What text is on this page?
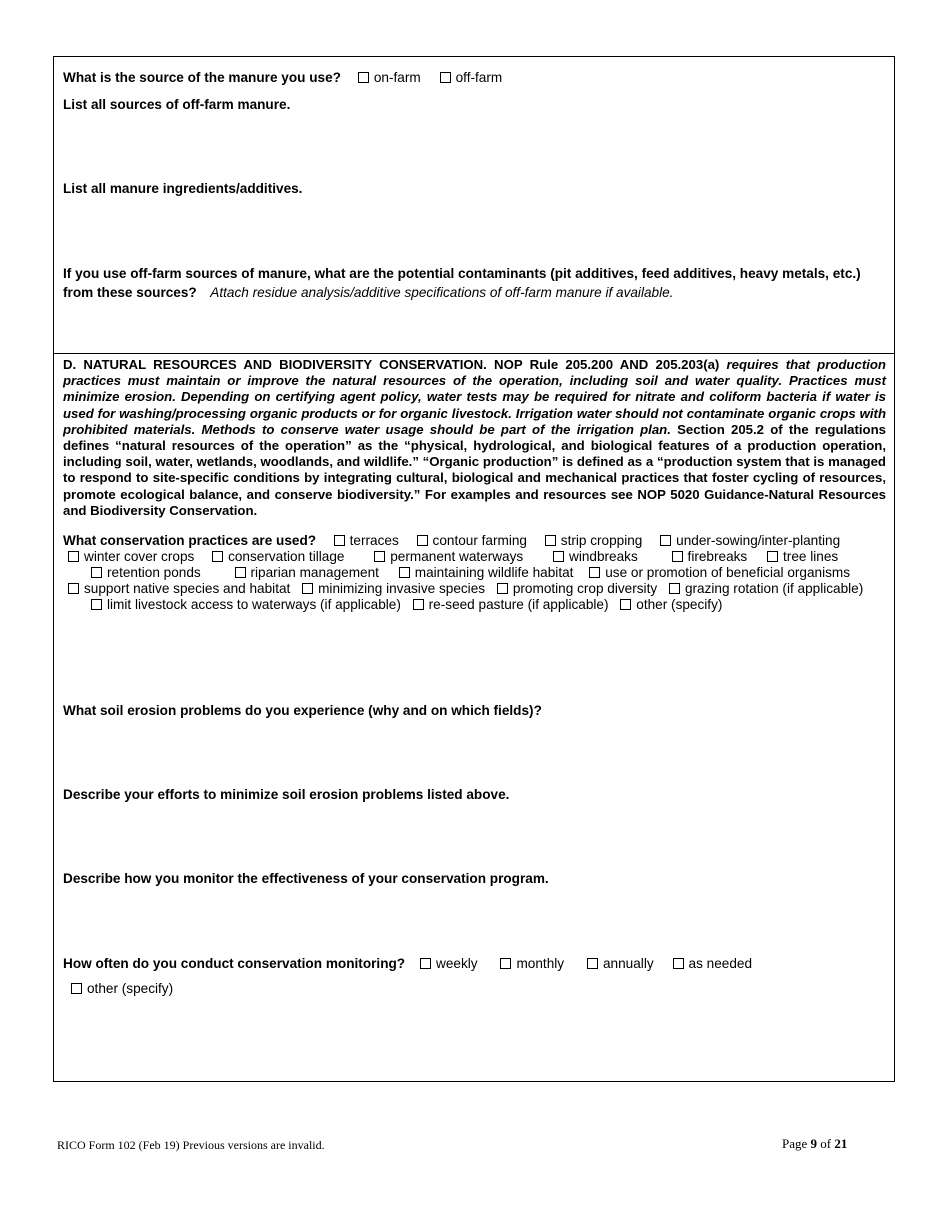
What is the source of the manure you use? on-farm	off-farm
List all sources of off-farm manure.
List all manure ingredients/additives.
If you use off-farm sources of manure, what are the potential contaminants (pit additives, feed additives, heavy metals, etc.) from these sources? Attach residue analysis/additive specifications of off-farm manure if available.
D. NATURAL RESOURCES AND BIODIVERSITY CONSERVATION. NOP Rule 205.200 AND 205.203(a) requires that production practices must maintain or improve the natural resources of the operation, including soil and water quality. Practices must minimize erosion. Depending on certifying agent policy, water tests may be required for nitrate and coliform bacteria if water is used for washing/processing organic products or for organic livestock. Irrigation water should not contaminate organic crops with prohibited materials. Methods to conserve water usage should be part of the irrigation plan. Section 205.2 of the regulations defines “natural resources of the operation” as the “physical, hydrological, and biological features of a production operation, including soil, water, wetlands, woodlands, and wildlife.” “Organic production” is defined as a “production system that is managed to respond to site-specific conditions by integrating cultural, biological and mechanical practices that foster cycling of resources, promote ecological balance, and conserve biodiversity.” For examples and resources see NOP 5020 Guidance-Natural Resources and Biodiversity Conservation.
What conservation practices are used? terraces contour farming strip cropping under-sowing/inter-planting
winter cover crops conservation tillage	permanent waterways	windbreaks	firebreaks	tree lines
retention ponds	riparian management	maintaining wildlife habitat use or promotion of beneficial organisms
support native species and habitat minimizing invasive species promoting crop diversity grazing rotation (if applicable)
limit livestock access to waterways (if applicable) re-seed pasture (if applicable) other (specify)
What soil erosion problems do you experience (why and on which fields)?
Describe your efforts to minimize soil erosion problems listed above.
Describe how you monitor the effectiveness of your conservation program.
How often do you conduct conservation monitoring? weekly	monthly	annually	as needed
other (specify)
RICO Form 102 (Feb 19) Previous versions are invalid.	Page 9 of 21
